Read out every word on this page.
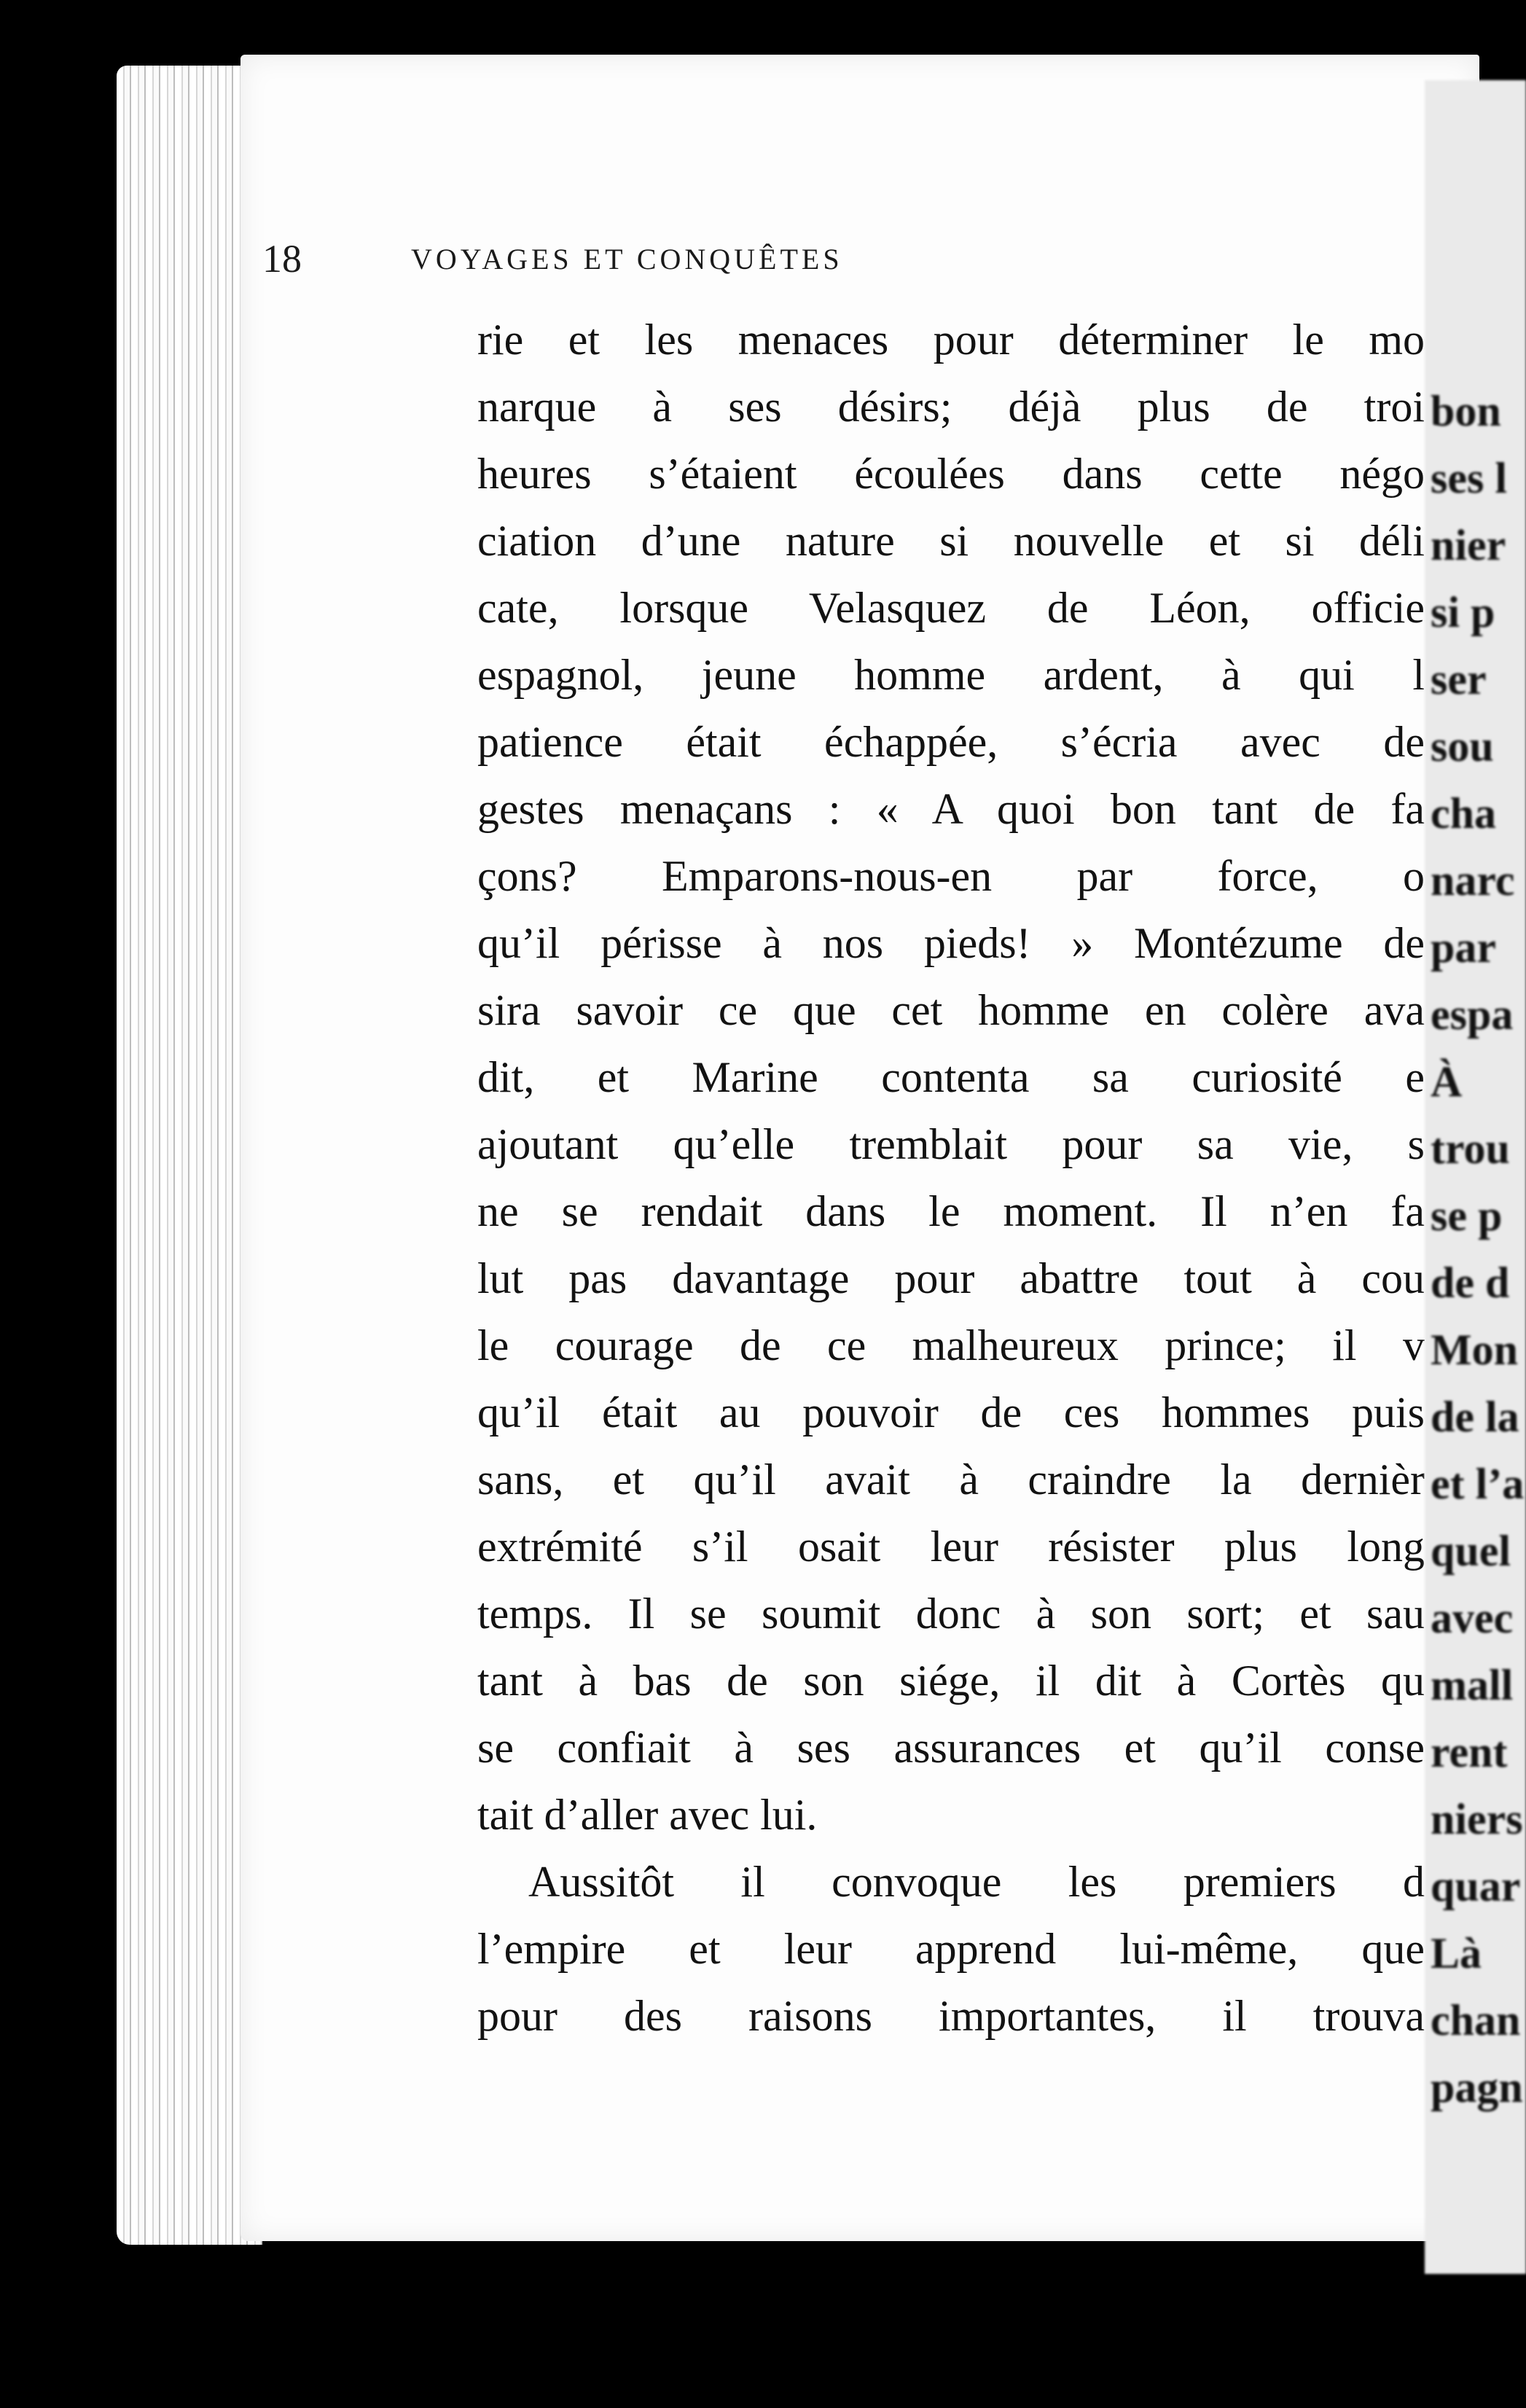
18	VOYAGES ET CONQUÊTES
rie et les menaces pour déterminer le mo
narque à ses désirs; déjà plus de troi
heures s’étaient écoulées dans cette négo
ciation d’une nature si nouvelle et si déli
cate, lorsque Velasquez de Léon, officie
espagnol, jeune homme ardent, à qui l
patience était échappée, s’écria avec de
gestes menaçans : « A quoi bon tant de fa
çons? Emparons-nous-en par force, o
qu’il périsse à nos pieds! » Montézume de
sira savoir ce que cet homme en colère ava
dit, et Marine contenta sa curiosité e
ajoutant qu’elle tremblait pour sa vie, s
ne se rendait dans le moment. Il n’en fa
lut pas davantage pour abattre tout à cou
le courage de ce malheureux prince; il v
qu’il était au pouvoir de ces hommes puis
sans, et qu’il avait à craindre la dernièr
extrémité s’il osait leur résister plus long
temps. Il se soumit donc à son sort; et sau
tant à bas de son siége, il dit à Cortès qu
se confiait à ses assurances et qu’il conse
tait d’aller avec lui.
Aussitôt il convoque les premiers d
l’empire et leur apprend lui-même, que
pour des raisons importantes, il trouva
bon
ses l
nier
si p
ser
sou
cha
narc
par
espa
À
trou
se p
de d
Mon
de la
et l’a
quel
avec
mall
rent
niers
quar
Là
chan
pagn
